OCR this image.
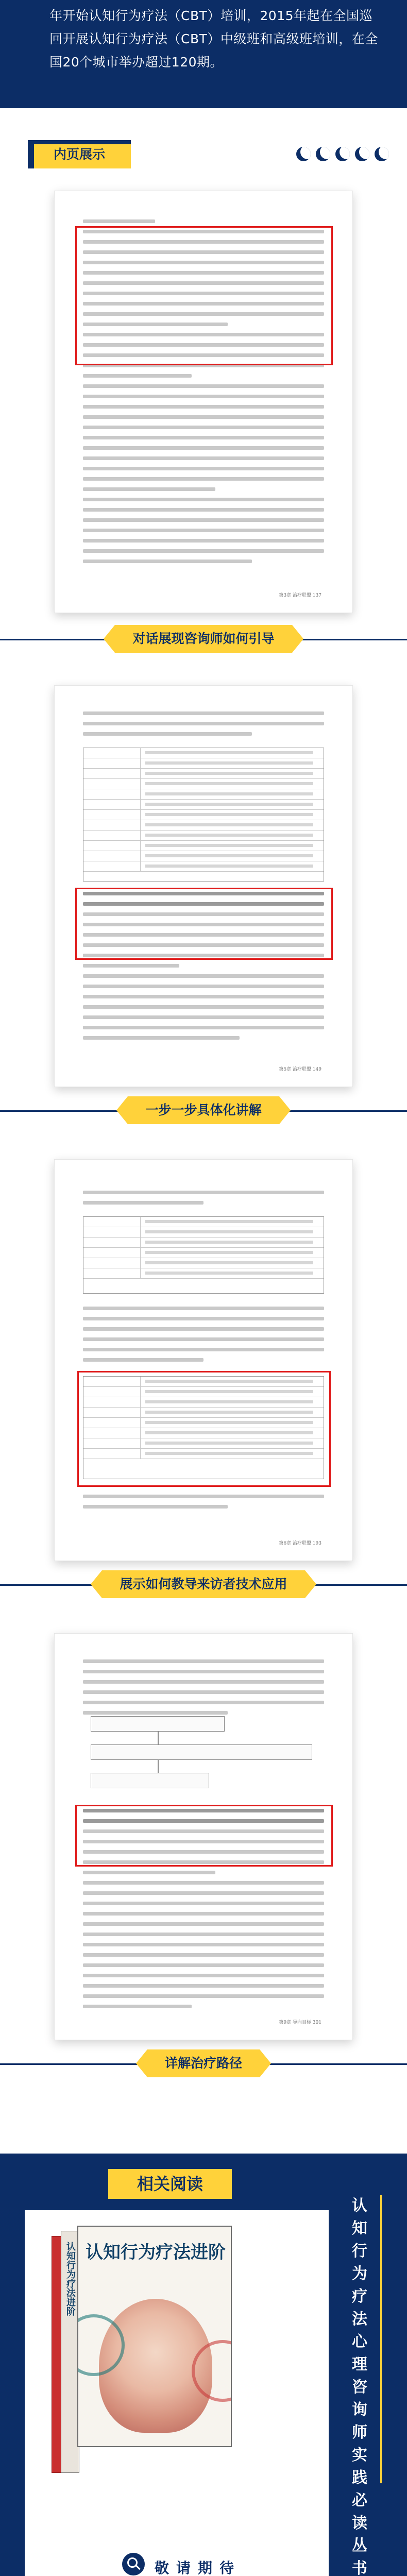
年开始认知行为疗法（CBT）培训，2015年起在全国巡回开展认知行为疗法（CBT）中级班和高级班培训，在全国20个城市举办超过120期。

内页展示
第3章 治疗联盟 137
对话展现咨询师如何引导
第5章 治疗联盟 149
一步一步具体化讲解
第6章 治疗联盟 193
展示如何教导来访者技术应用
第9章 导向目标 301
详解治疗路径
相关阅读
认知行为疗法心理咨询师实践必读丛书
认知行为疗法进阶 认知行为疗法进阶
敬请期待
